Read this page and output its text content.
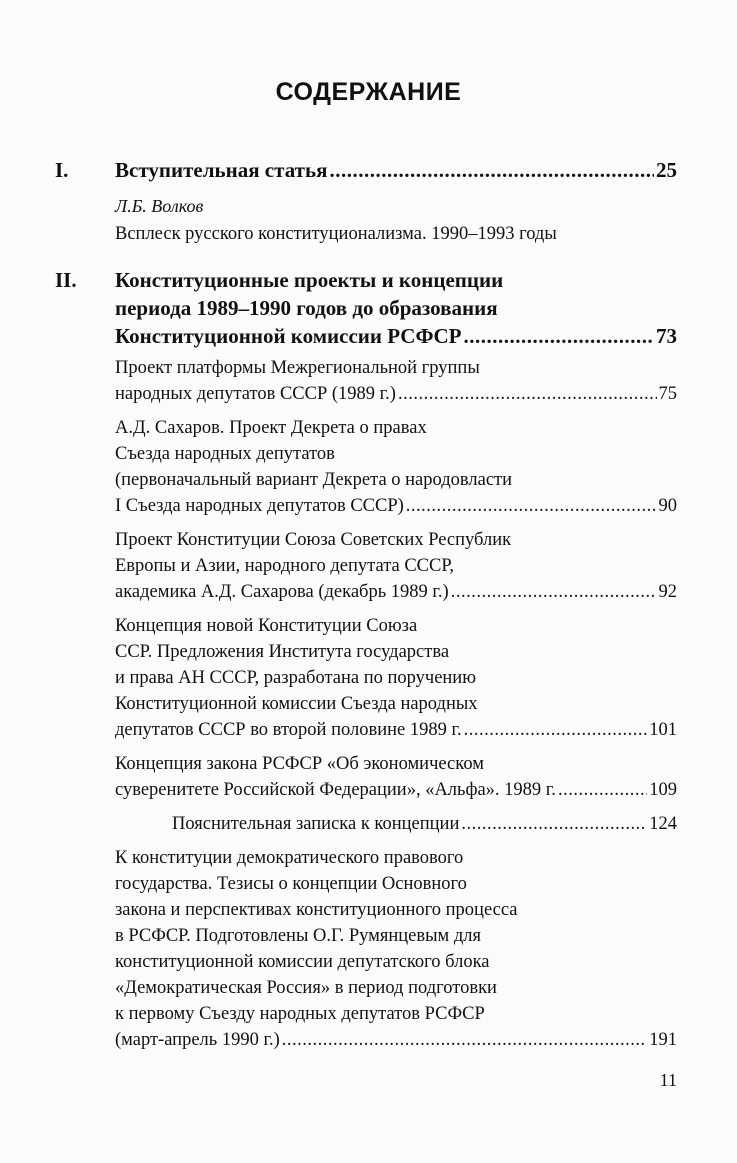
СОДЕРЖАНИЕ
I. Вступительная статья .....	25
Л.Б. Волков
Всплеск русского конституционализма. 1990–1993 годы
II. Конституционные проекты и концепции
периода 1989–1990 годов до образования
Конституционной комиссии РСФСР .....	73
Проект платформы Межрегиональной группы
народных депутатов СССР (1989 г.) .....	75
А.Д. Сахаров. Проект Декрета о правах
Съезда народных депутатов
(первоначальный вариант Декрета о народовласти
I Съезда народных депутатов СССР) .....	90
Проект Конституции Союза Советских Республик
Европы и Азии, народного депутата СССР,
академика А.Д. Сахарова (декабрь 1989 г.) .....	92
Концепция новой Конституции Союза
ССР. Предложения Института государства
и права АН СССР, разработана по поручению
Конституционной комиссии Съезда народных
депутатов СССР во второй половине 1989 г. .....	101
Концепция закона РСФСР «Об экономическом
суверенитете Российской Федерации», «Альфа». 1989 г. .....	109
Пояснительная записка к концепции .....	124
К конституции демократического правового
государства. Тезисы о концепции Основного
закона и перспективах конституционного процесса
в РСФСР. Подготовлены О.Г. Румянцевым для
конституционной комиссии депутатского блока
«Демократическая Россия» в период подготовки
к первому Съезду народных депутатов РСФСР
(март-апрель 1990 г.) .....	191
11
